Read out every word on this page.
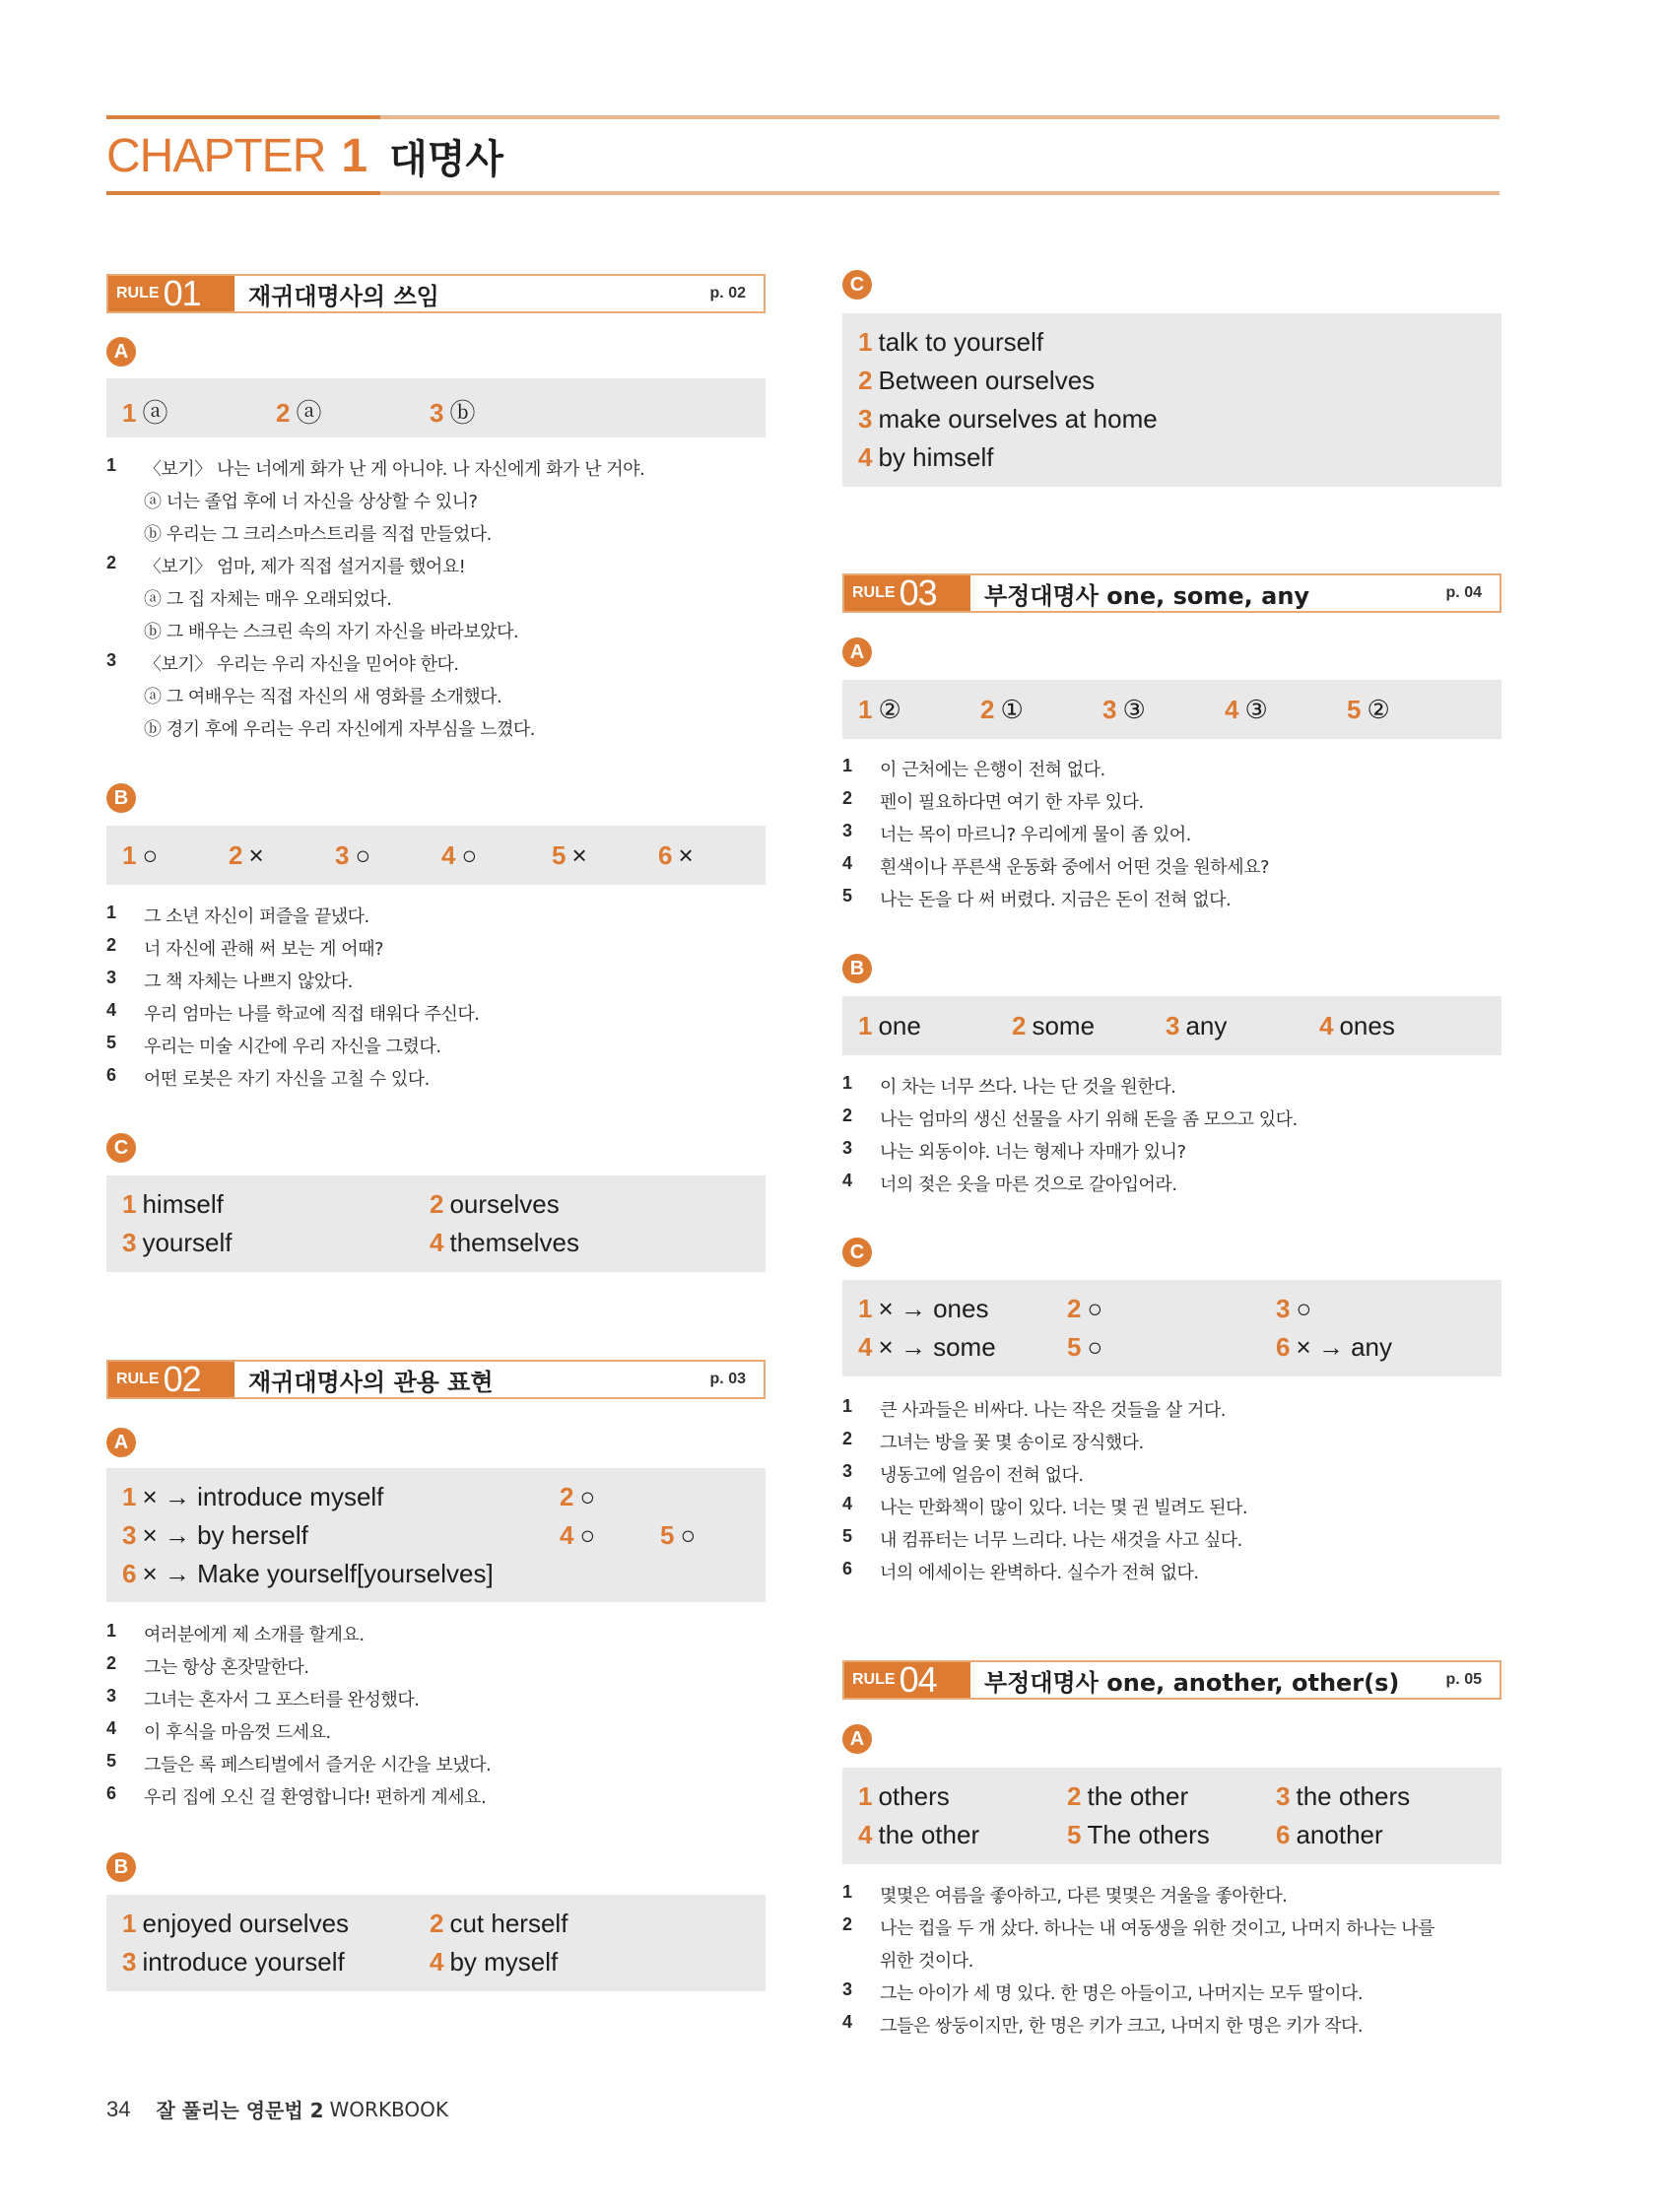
CHAPTER 1 대명사
RULE 01 재귀대명사의 쓰임	p. 02
A
1 ⓐ	2 ⓐ	3 ⓑ
1 〈보기〉 나는 너에게 화가 난 게 아니야. 나 자신에게 화가 난 거야.
ⓐ 너는 졸업 후에 너 자신을 상상할 수 있니?
ⓑ 우리는 그 크리스마스트리를 직접 만들었다.
2 〈보기〉 엄마, 제가 직접 설거지를 했어요!
ⓐ 그 집 자체는 매우 오래되었다.
ⓑ 그 배우는 스크린 속의 자기 자신을 바라보았다.
3 〈보기〉 우리는 우리 자신을 믿어야 한다.
ⓐ 그 여배우는 직접 자신의 새 영화를 소개했다.
ⓑ 경기 후에 우리는 우리 자신에게 자부심을 느꼈다.
B
1 ○	2 ×	3 ○	4 ○	5 ×	6 ×
1 그 소년 자신이 퍼즐을 끝냈다.
2 너 자신에 관해 써 보는 게 어때?
3 그 책 자체는 나쁘지 않았다.
4 우리 엄마는 나를 학교에 직접 태워다 주신다.
5 우리는 미술 시간에 우리 자신을 그렸다.
6 어떤 로봇은 자기 자신을 고칠 수 있다.
C
1 himself	2 ourselves
3 yourself	4 themselves
RULE 02 재귀대명사의 관용 표현	p. 03
A
1 × → introduce myself	2 ○
3 × → by herself	4 ○	5 ○
6 × → Make yourself[yourselves]
1 여러분에게 제 소개를 할게요.
2 그는 항상 혼잣말한다.
3 그녀는 혼자서 그 포스터를 완성했다.
4 이 후식을 마음껏 드세요.
5 그들은 록 페스티벌에서 즐거운 시간을 보냈다.
6 우리 집에 오신 걸 환영합니다! 편하게 계세요.
B
1 enjoyed ourselves	2 cut herself
3 introduce yourself	4 by myself
C
1 talk to yourself
2 Between ourselves
3 make ourselves at home
4 by himself
RULE 03 부정대명사 one, some, any	p. 04
A
1 ②	2 ①	3 ③	4 ③	5 ②
1 이 근처에는 은행이 전혀 없다.
2 펜이 필요하다면 여기 한 자루 있다.
3 너는 목이 마르니? 우리에게 물이 좀 있어.
4 흰색이나 푸른색 운동화 중에서 어떤 것을 원하세요?
5 나는 돈을 다 써 버렸다. 지금은 돈이 전혀 없다.
B
1 one	2 some	3 any	4 ones
1 이 차는 너무 쓰다. 나는 단 것을 원한다.
2 나는 엄마의 생신 선물을 사기 위해 돈을 좀 모으고 있다.
3 나는 외동이야. 너는 형제나 자매가 있니?
4 너의 젖은 옷을 마른 것으로 갈아입어라.
C
1 × → ones	2 ○	3 ○
4 × → some	5 ○	6 × → any
1 큰 사과들은 비싸다. 나는 작은 것들을 살 거다.
2 그녀는 방을 꽃 몇 송이로 장식했다.
3 냉동고에 얼음이 전혀 없다.
4 나는 만화책이 많이 있다. 너는 몇 권 빌려도 된다.
5 내 컴퓨터는 너무 느리다. 나는 새것을 사고 싶다.
6 너의 에세이는 완벽하다. 실수가 전혀 없다.
RULE 04 부정대명사 one, another, other(s)	p. 05
A
1 others	2 the other	3 the others
4 the other	5 The others	6 another
1 몇몇은 여름을 좋아하고, 다른 몇몇은 겨울을 좋아한다.
2 나는 컵을 두 개 샀다. 하나는 내 여동생을 위한 것이고, 나머지 하나는 나를
위한 것이다.
3 그는 아이가 세 명 있다. 한 명은 아들이고, 나머지는 모두 딸이다.
4 그들은 쌍둥이지만, 한 명은 키가 크고, 나머지 한 명은 키가 작다.
34 잘 풀리는 영문법 2 WORKBOOK
